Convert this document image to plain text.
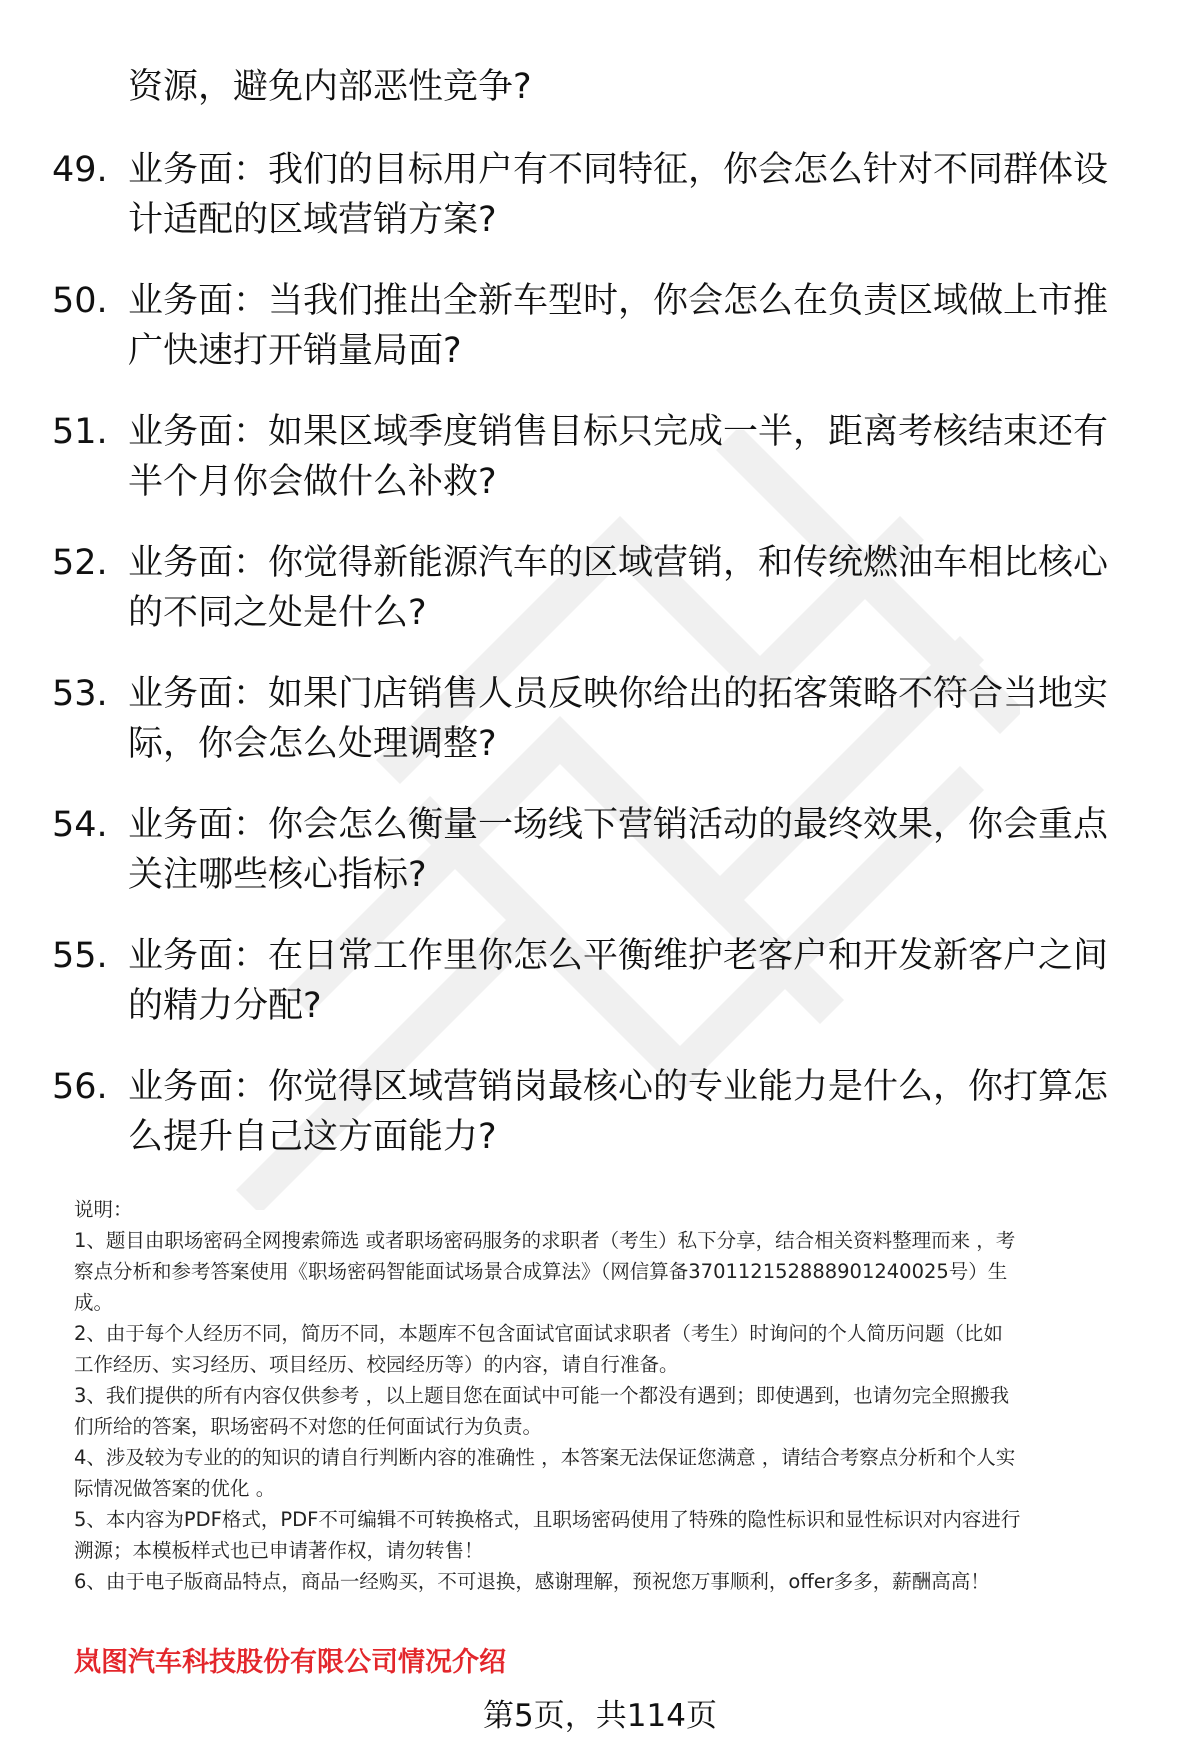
资源，避免内部恶性竞争?
49. 业务面：我们的目标用户有不同特征，你会怎么针对不同群体设
计适配的区域营销方案?
50. 业务面：当我们推出全新车型时，你会怎么在负责区域做上市推
广快速打开销量局面?
51. 业务面：如果区域季度销售目标只完成一半，距离考核结束还有
半个月你会做什么补救?
52. 业务面：你觉得新能源汽车的区域营销，和传统燃油车相比核心
的不同之处是什么?
53. 业务面：如果门店销售人员反映你给出的拓客策略不符合当地实
际，你会怎么处理调整?
54. 业务面：你会怎么衡量一场线下营销活动的最终效果，你会重点
关注哪些核心指标?
55. 业务面：在日常工作里你怎么平衡维护老客户和开发新客户之间
的精力分配?
56. 业务面：你觉得区域营销岗最核心的专业能力是什么，你打算怎
么提升自己这方面能力?
说明：
1、题目由职场密码全网搜索筛选 或者职场密码服务的求职者（考生）私下分享，结合相关资料整理而来 ，考
察点分析和参考答案使用《职场密码智能面试场景合成算法》（网信算备370112152888901240025号）生
成。
2、由于每个人经历不同，简历不同，本题库不包含面试官面试求职者（考生）时询问的个人简历问题（比如
工作经历、实习经历、项目经历、校园经历等）的内容，请自行准备。
3、我们提供的所有内容仅供参考 ，以上题目您在面试中可能一个都没有遇到；即使遇到，也请勿完全照搬我
们所给的答案，职场密码不对您的任何面试行为负责。
4、涉及较为专业的的知识的请自行判断内容的准确性 ，本答案无法保证您满意 ，请结合考察点分析和个人实
际情况做答案的优化 。
5、本内容为PDF格式，PDF不可编辑不可转换格式，且职场密码使用了特殊的隐性标识和显性标识对内容进行
溯源；本模板样式也已申请著作权，请勿转售！
6、由于电子版商品特点，商品一经购买，不可退换，感谢理解，预祝您万事顺利，offer多多，薪酬高高！
岚图汽车科技股份有限公司情况介绍
第5页，共114页
